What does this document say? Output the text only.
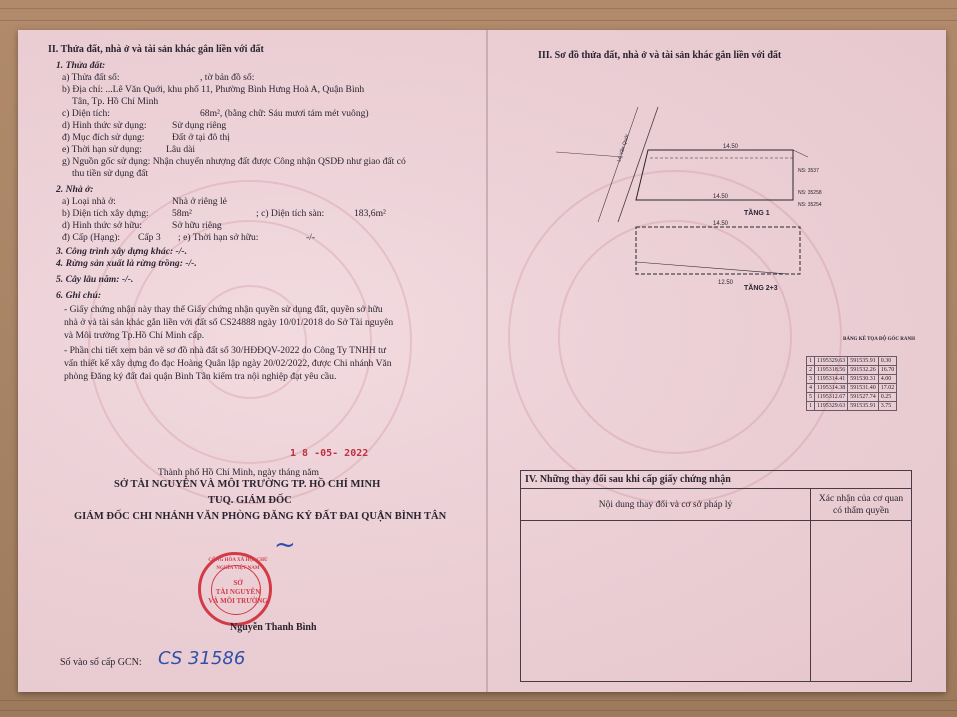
II. Thửa đất, nhà ở và tài sản khác gắn liền với đất
1. Thửa đất:
a) Thửa đất số:	, tờ bản đồ số:
b) Địa chỉ: ...Lê Văn Quới, khu phố 11, Phường Bình Hưng Hoà A, Quận Bình
Tân, Tp. Hồ Chí Minh
c) Diện tích:	68m², (bằng chữ: Sáu mươi tám mét vuông)
d) Hình thức sử dụng:	Sử dụng riêng
đ) Mục đích sử dụng:	Đất ở tại đô thị
e) Thời hạn sử dụng:	Lâu dài
g) Nguồn gốc sử dụng: Nhận chuyển nhượng đất được Công nhận QSDĐ như giao đất có
thu tiền sử dụng đất
2. Nhà ở:
a) Loại nhà ở:	Nhà ở riêng lẻ
b) Diện tích xây dựng: 58m²	; c) Diện tích sàn:	183,6m²
d) Hình thức sở hữu:	Sở hữu riêng
đ) Cấp (Hạng): Cấp 3 ; e) Thời hạn sở hữu:	-/-
3. Công trình xây dựng khác: -/-.
4. Rừng sản xuất là rừng trồng: -/-.
5. Cây lâu năm: -/-.
6. Ghi chú:
- Giấy chứng nhận này thay thế Giấy chứng nhận quyền sử dụng đất, quyền sở hữu
nhà ở và tài sản khác gắn liền với đất số CS24888 ngày 10/01/2018 do Sở Tài nguyên
và Môi trường Tp.Hồ Chí Minh cấp.
- Phần chi tiết xem bản vẽ sơ đồ nhà đất số 30/HĐĐQV-2022 do Công Ty TNHH tư
vấn thiết kế xây dựng đo đạc Hoàng Quân lập ngày 20/02/2022, được Chi nhánh Văn
phòng Đăng ký đất đai quận Bình Tân kiểm tra nội nghiệp đạt yêu cầu.
1 8 -05- 2022
Thành phố Hồ Chí Minh, ngày tháng năm
SỞ TÀI NGUYÊN VÀ MÔI TRƯỜNG TP. HỒ CHÍ MINH
TUQ. GIÁM ĐỐC
GIÁM ĐỐC CHI NHÁNH VĂN PHÒNG ĐĂNG KÝ ĐẤT ĐAI QUẬN BÌNH TÂN
~
CỘNG HÒA XÃ HỘI CHỦ NGHĨA VIỆT NAM
SỞ
TÀI NGUYÊN
VÀ MÔI TRƯỜNG
Nguyễn Thanh Bình
Số vào sổ cấp GCN: CS 31586
III. Sơ đồ thửa đất, nhà ở và tài sản khác gắn liền với đất
14.50
14.50
14.50
12.50
NS: 3537
NS: 35258
NS: 35254
TẦNG 1
TẦNG 2+3
Lê Văn Quới
BẢNG KÊ TỌA ĐỘ GÓC RANH
1	1195329.63	591535.91	0.30
2	1195318.56	591532.26	16.70
3	1195314.41	591530.31	4.00
4	1195314.38	591531.40	17.02
5	1195312.67	591527.74	0.25
1	1195329.63	591535.91	3.75
IV. Những thay đổi sau khi cấp giấy chứng nhận
Nội dung thay đổi và cơ sở pháp lý
Xác nhận của cơ quan
có thẩm quyền
